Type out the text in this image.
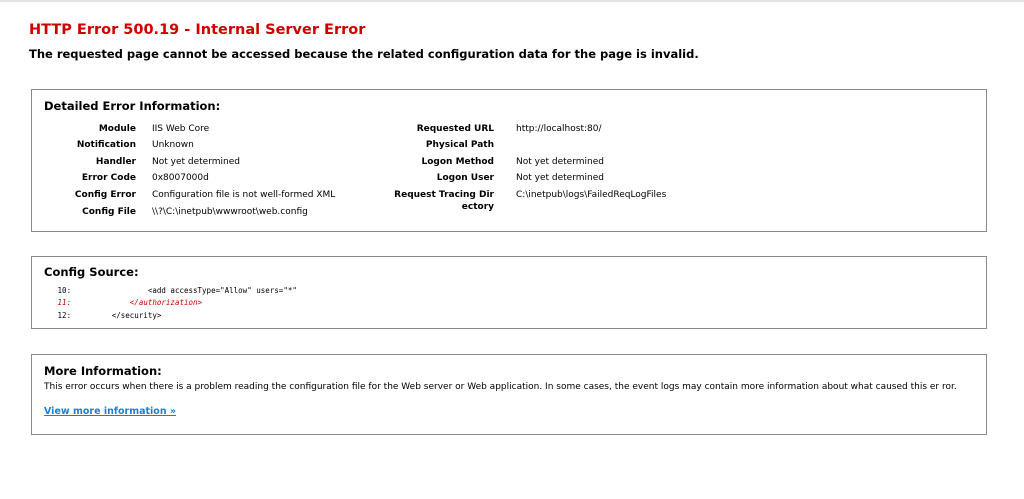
HTTP Error 500.19 - Internal Server Error
The requested page cannot be accessed because the related configuration data for the page is invalid.
Detailed Error Information:
Module IIS Web Core
Notification Unknown
Handler Not yet determined
Error Code 0x8007000d
Config Error Configuration file is not well-formed XML
Config File \\?\C:\inetpub\wwwroot\web.config
Requested URL http://localhost:80/
Physical Path
Logon Method Not yet determined
Logon User Not yet determined
Request Tracing Dir
ectory
C:\inetpub\logs\FailedReqLogFiles
Config Source:
10:                 <add accessType="Allow" users="*"
11:             </authorization>
12:         </security>
More Information:

This error occurs when there is a problem reading the configuration file for the Web server or Web application. In some cases, the event logs may contain more information about what caused this er ror.

View more information »
